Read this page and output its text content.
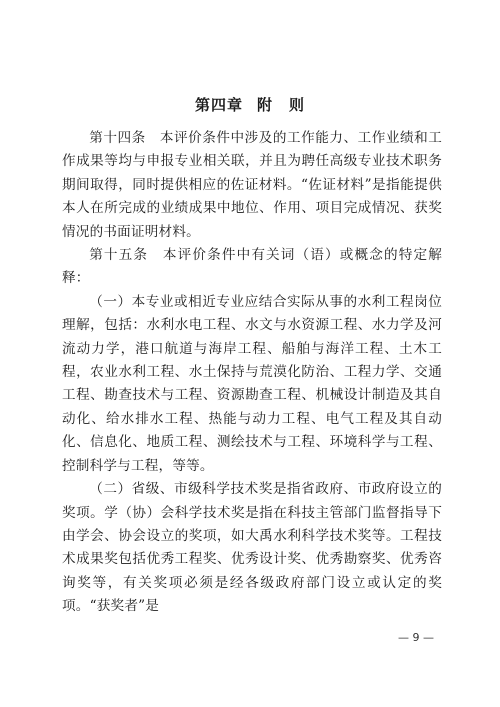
第四章 附　则

第十四条　本评价条件中涉及的工作能力、工作业绩和工作成果等均与申报专业相关联，并且为聘任高级专业技术职务期间取得，同时提供相应的佐证材料。“佐证材料”是指能提供本人在所完成的业绩成果中地位、作用、项目完成情况、获奖情况的书面证明材料。

第十五条　本评价条件中有关词（语）或概念的特定解释：

（一）本专业或相近专业应结合实际从事的水利工程岗位理解，包括：水利水电工程、水文与水资源工程、水力学及河流动力学，港口航道与海岸工程、船舶与海洋工程、土木工程，农业水利工程、水土保持与荒漠化防治、工程力学、交通工程、勘查技术与工程、资源勘查工程、机械设计制造及其自动化、给水排水工程、热能与动力工程、电气工程及其自动化、信息化、地质工程、测绘技术与工程、环境科学与工程、控制科学与工程，等等。

（二）省级、市级科学技术奖是指省政府、市政府设立的奖项。学（协）会科学技术奖是指在科技主管部门监督指导下由学会、协会设立的奖项，如大禹水利科学技术奖等。工程技术成果奖包括优秀工程奖、优秀设计奖、优秀勘察奖、优秀咨询奖等，有关奖项必须是经各级政府部门设立或认定的奖项。“获奖者”是

— 9 —
